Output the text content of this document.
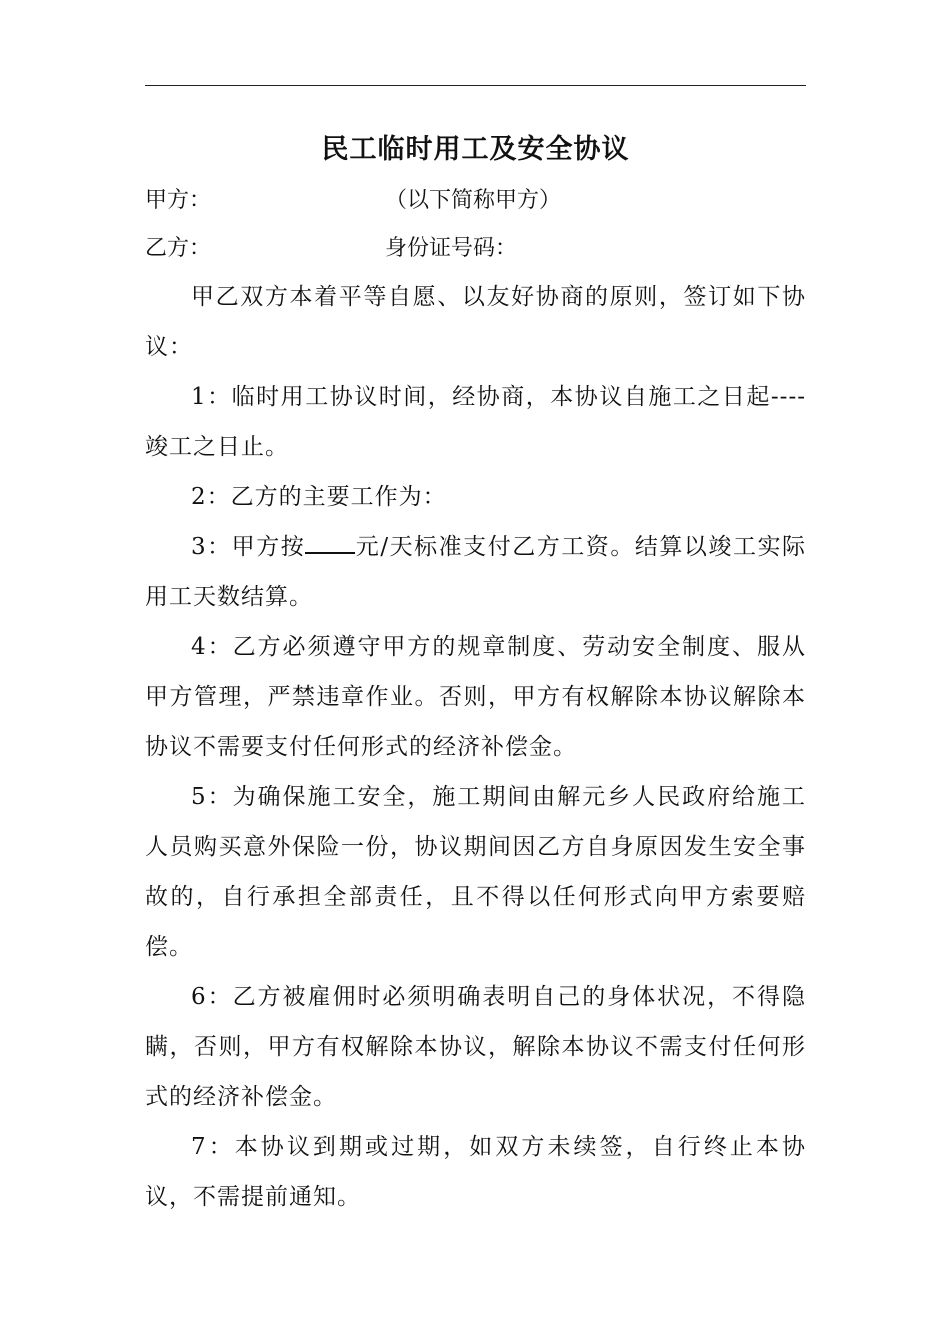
民工临时用工及安全协议
甲方：	（以下简称甲方）
乙方：	身份证号码：

甲乙双方本着平等自愿、以友好协商的原则，签订如下协议：

1：临时用工协议时间，经协商，本协议自施工之日起----竣工之日止。

2：乙方的主要工作为：

3：甲方按 元/天标准支付乙方工资。结算以竣工实际用工天数结算。

4：乙方必须遵守甲方的规章制度、劳动安全制度、服从甲方管理，严禁违章作业。否则，甲方有权解除本协议解除本协议不需要支付任何形式的经济补偿金。

5：为确保施工安全，施工期间由解元乡人民政府给施工人员购买意外保险一份，协议期间因乙方自身原因发生安全事故的，自行承担全部责任，且不得以任何形式向甲方索要赔偿。

6：乙方被雇佣时必须明确表明自己的身体状况，不得隐瞒，否则，甲方有权解除本协议，解除本协议不需支付任何形式的经济补偿金。

7：本协议到期或过期，如双方未续签，自行终止本协议，不需提前通知。
